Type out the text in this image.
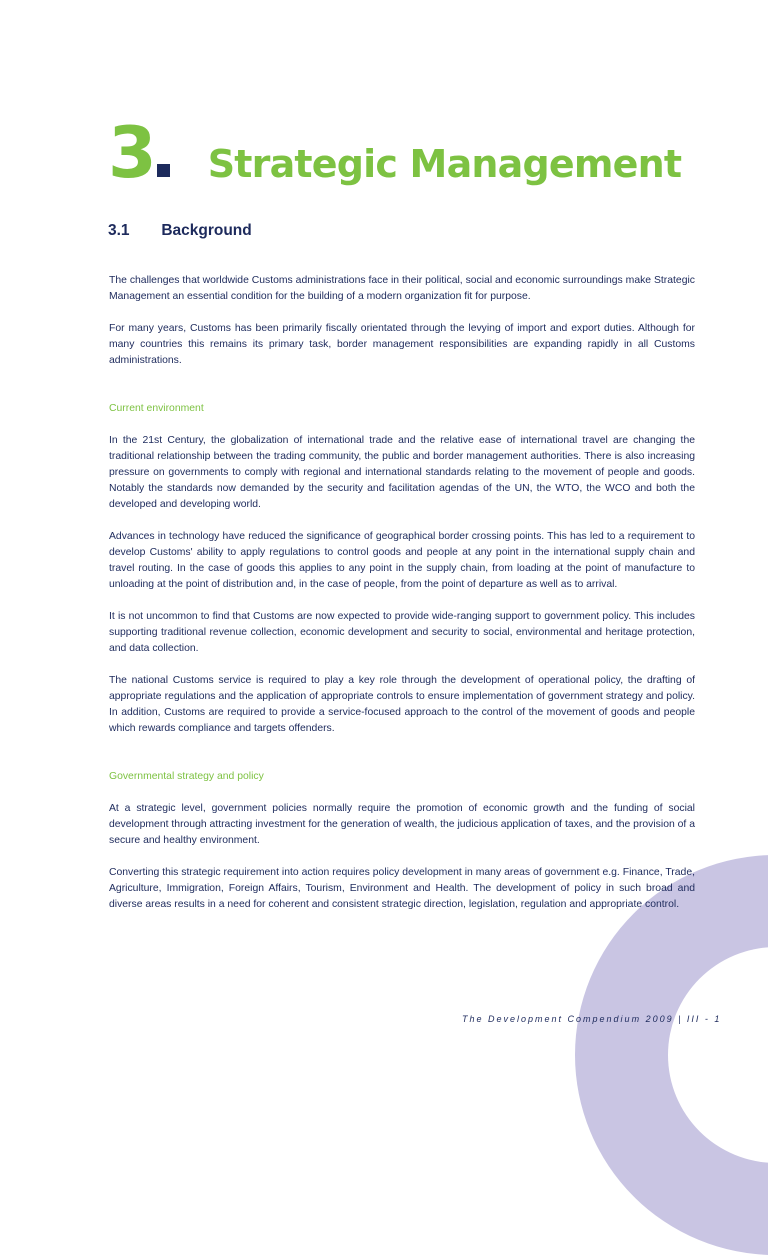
3 Strategic Management
3.1 Background

The challenges that worldwide Customs administrations face in their political, social and economic surroundings make Strategic Management an essential condition for the building of a modern organization fit for purpose.

For many years, Customs has been primarily fiscally orientated through the levying of import and export duties. Although for many countries this remains its primary task, border management responsibilities are expanding rapidly in all Customs administrations.

Current environment

In the 21st Century, the globalization of international trade and the relative ease of international travel are changing the traditional relationship between the trading community, the public and border management authorities. There is also increasing pressure on governments to comply with regional and international standards relating to the movement of people and goods. Notably the standards now demanded by the security and facilitation agendas of the UN, the WTO, the WCO and both the developed and developing world.

Advances in technology have reduced the significance of geographical border crossing points. This has led to a requirement to develop Customs' ability to apply regulations to control goods and people at any point in the international supply chain and travel routing. In the case of goods this applies to any point in the supply chain, from loading at the point of manufacture to unloading at the point of distribution and, in the case of people, from the point of departure as well as to arrival.

It is not uncommon to find that Customs are now expected to provide wide-ranging support to government policy. This includes supporting traditional revenue collection, economic development and security to social, environmental and heritage protection, and data collection.

The national Customs service is required to play a key role through the development of operational policy, the drafting of appropriate regulations and the application of appropriate controls to ensure implementation of government strategy and policy. In addition, Customs are required to provide a service-focused approach to the control of the movement of goods and people which rewards compliance and targets offenders.

Governmental strategy and policy

At a strategic level, government policies normally require the promotion of economic growth and the funding of social development through attracting investment for the generation of wealth, the judicious application of taxes, and the provision of a secure and healthy environment.

Converting this strategic requirement into action requires policy development in many areas of government e.g. Finance, Trade, Agriculture, Immigration, Foreign Affairs, Tourism, Environment and Health. The development of policy in such broad and diverse areas results in a need for coherent and consistent strategic direction, legislation, regulation and appropriate control.

The Development Compendium 2009 | III - 1
